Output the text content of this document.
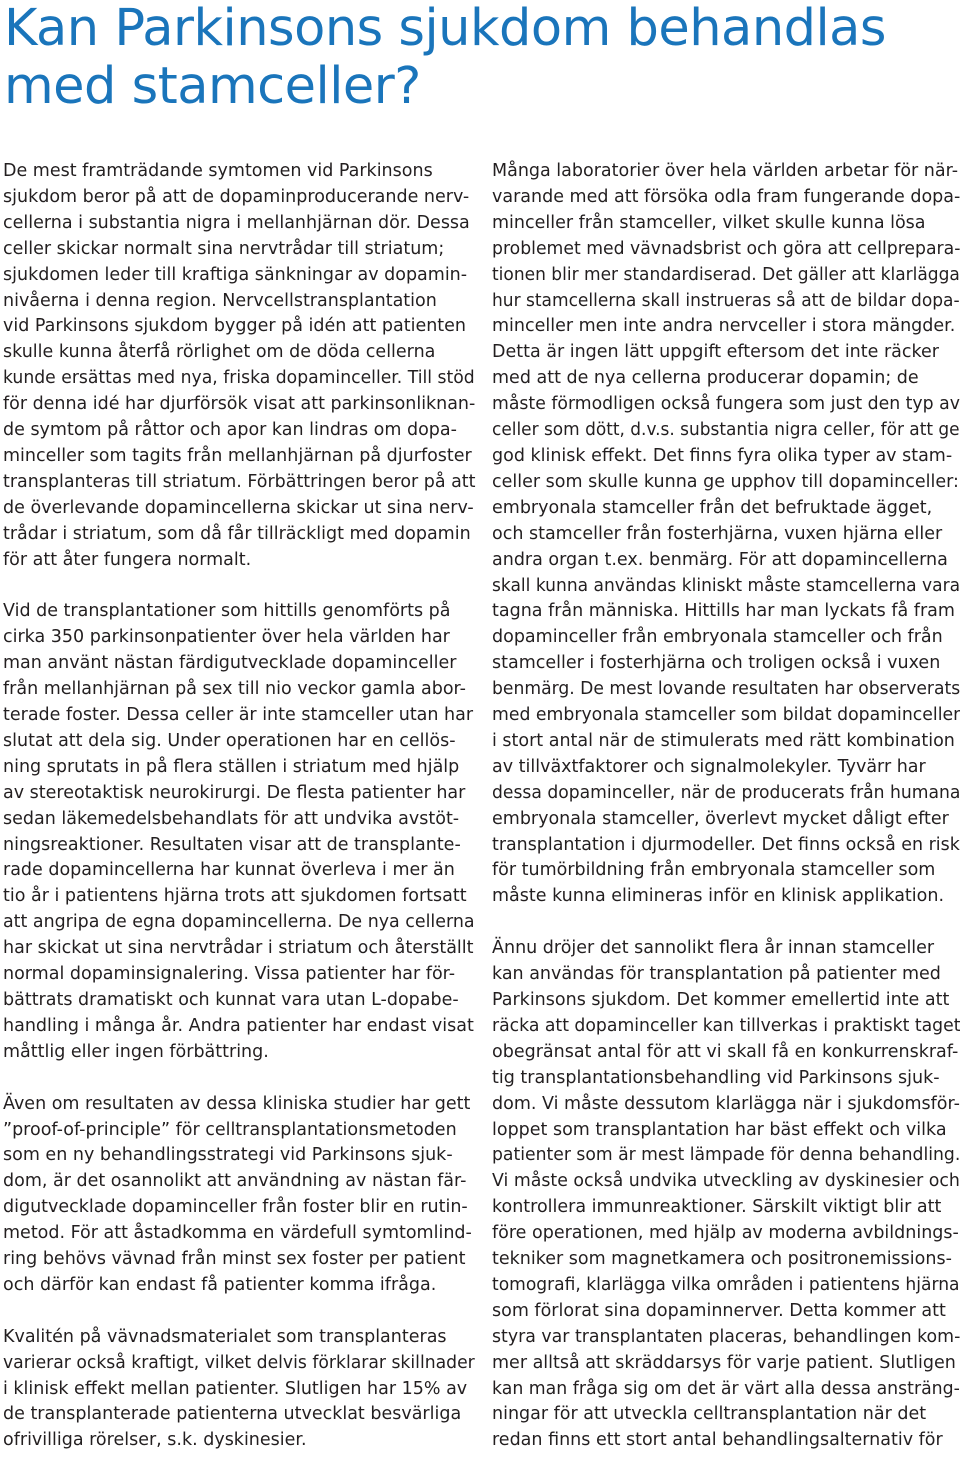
Kan Parkinsons sjukdom behandlas
med stamceller?

De mest framträdande symtomen vid Parkinsons
sjukdom beror på att de dopaminproducerande nerv-
cellerna i substantia nigra i mellanhjärnan dör. Dessa
celler skickar normalt sina nervtrådar till striatum;
sjukdomen leder till kraftiga sänkningar av dopamin-
nivåerna i denna region. Nervcellstransplantation
vid Parkinsons sjukdom bygger på idén att patienten
skulle kunna återfå rörlighet om de döda cellerna
kunde ersättas med nya, friska dopaminceller. Till stöd
för denna idé har djurförsök visat att parkinsonliknan-
de symtom på råttor och apor kan lindras om dopa-
minceller som tagits från mellanhjärnan på djurfoster
transplanteras till striatum. Förbättringen beror på att
de överlevande dopamincellerna skickar ut sina nerv-
trådar i striatum, som då får tillräckligt med dopamin
för att åter fungera normalt.

Vid de transplantationer som hittills genomförts på
cirka 350 parkinsonpatienter över hela världen har
man använt nästan färdigutvecklade dopaminceller
från mellanhjärnan på sex till nio veckor gamla abor-
terade foster. Dessa celler är inte stamceller utan har
slutat att dela sig. Under operationen har en cellös-
ning sprutats in på flera ställen i striatum med hjälp
av stereotaktisk neurokirurgi. De flesta patienter har
sedan läkemedelsbehandlats för att undvika avstöt-
ningsreaktioner. Resultaten visar att de transplante-
rade dopamincellerna har kunnat överleva i mer än
tio år i patientens hjärna trots att sjukdomen fortsatt
att angripa de egna dopamincellerna. De nya cellerna
har skickat ut sina nervtrådar i striatum och återställt
normal dopaminsignalering. Vissa patienter har för-
bättrats dramatiskt och kunnat vara utan L-dopabe-
handling i många år. Andra patienter har endast visat
måttlig eller ingen förbättring.

Även om resultaten av dessa kliniska studier har gett
”proof-of-principle” för celltransplantationsmetoden
som en ny behandlingsstrategi vid Parkinsons sjuk-
dom, är det osannolikt att användning av nästan fär-
digutvecklade dopaminceller från foster blir en rutin-
metod. För att åstadkomma en värdefull symtomlind-
ring behövs vävnad från minst sex foster per patient
och därför kan endast få patienter komma ifråga.

Kvalitén på vävnadsmaterialet som transplanteras
varierar också kraftigt, vilket delvis förklarar skillnader
i klinisk effekt mellan patienter. Slutligen har 15% av
de transplanterade patienterna utvecklat besvärliga
ofrivilliga rörelser, s.k. dyskinesier.

Många laboratorier över hela världen arbetar för när-
varande med att försöka odla fram fungerande dopa-
minceller från stamceller, vilket skulle kunna lösa
problemet med vävnadsbrist och göra att cellprepara-
tionen blir mer standardiserad. Det gäller att klarlägga
hur stamcellerna skall instrueras så att de bildar dopa-
minceller men inte andra nervceller i stora mängder.
Detta är ingen lätt uppgift eftersom det inte räcker
med att de nya cellerna producerar dopamin; de
måste förmodligen också fungera som just den typ av
celler som dött, d.v.s. substantia nigra celler, för att ge
god klinisk effekt. Det finns fyra olika typer av stam-
celler som skulle kunna ge upphov till dopaminceller:
embryonala stamceller från det befruktade ägget,
och stamceller från fosterhjärna, vuxen hjärna eller
andra organ t.ex. benmärg. För att dopamincellerna
skall kunna användas kliniskt måste stamcellerna vara
tagna från människa. Hittills har man lyckats få fram
dopaminceller från embryonala stamceller och från
stamceller i fosterhjärna och troligen också i vuxen
benmärg. De mest lovande resultaten har observerats
med embryonala stamceller som bildat dopaminceller
i stort antal när de stimulerats med rätt kombination
av tillväxtfaktorer och signalmolekyler. Tyvärr har
dessa dopaminceller, när de producerats från humana
embryonala stamceller, överlevt mycket dåligt efter
transplantation i djurmodeller. Det finns också en risk
för tumörbildning från embryonala stamceller som
måste kunna elimineras inför en klinisk applikation.

Ännu dröjer det sannolikt flera år innan stamceller
kan användas för transplantation på patienter med
Parkinsons sjukdom. Det kommer emellertid inte att
räcka att dopaminceller kan tillverkas i praktiskt taget
obegränsat antal för att vi skall få en konkurrenskraf-
tig transplantationsbehandling vid Parkinsons sjuk-
dom. Vi måste dessutom klarlägga när i sjukdomsför-
loppet som transplantation har bäst effekt och vilka
patienter som är mest lämpade för denna behandling.
Vi måste också undvika utveckling av dyskinesier och
kontrollera immunreaktioner. Särskilt viktigt blir att
före operationen, med hjälp av moderna avbildnings-
tekniker som magnetkamera och positronemissions-
tomografi, klarlägga vilka områden i patientens hjärna
som förlorat sina dopaminnerver. Detta kommer att
styra var transplantaten placeras, behandlingen kom-
mer alltså att skräddarsys för varje patient. Slutligen
kan man fråga sig om det är värt alla dessa ansträng-
ningar för att utveckla celltransplantation när det
redan finns ett stort antal behandlingsalternativ för
